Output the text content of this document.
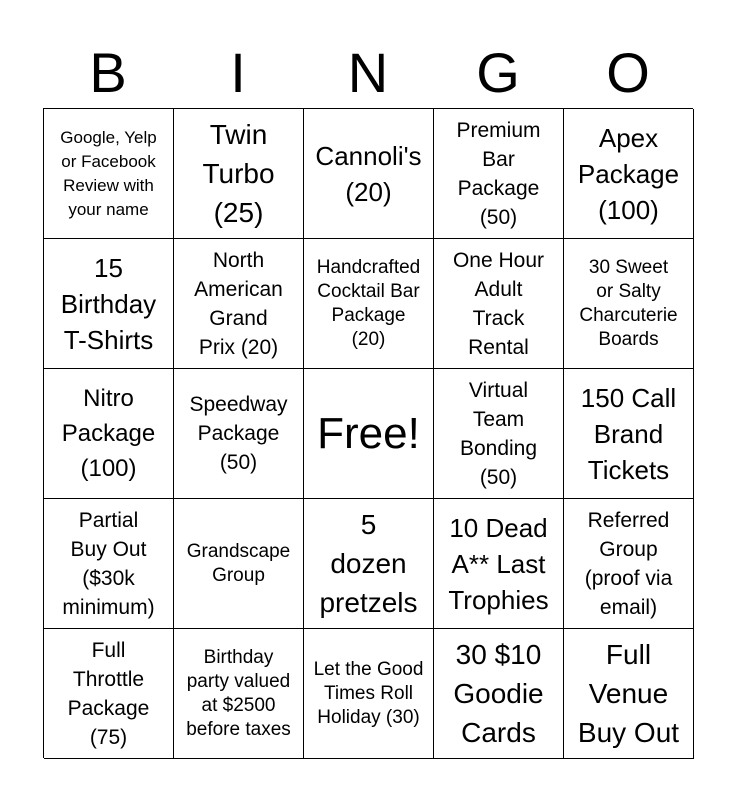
B	I	N	G	O
Google, Yelp
or Facebook
Review with
your name
Twin
Turbo
(25)
Cannoli's
(20)
Premium
Bar
Package
(50)
Apex
Package
(100)
15
Birthday
T-Shirts
North
American
Grand
Prix (20)
Handcrafted
Cocktail Bar
Package
(20)
One Hour
Adult
Track
Rental
30 Sweet
or Salty
Charcuterie
Boards
Nitro
Package
(100)
Speedway
Package
(50)
Free!
Virtual
Team
Bonding
(50)
150 Call
Brand
Tickets
Partial
Buy Out
($30k
minimum)
Grandscape
Group
5
dozen
pretzels
10 Dead
A** Last
Trophies
Referred
Group
(proof via
email)
Full
Throttle
Package
(75)
Birthday
party valued
at $2500
before taxes
Let the Good
Times Roll
Holiday (30)
30 $10
Goodie
Cards
Full
Venue
Buy Out
